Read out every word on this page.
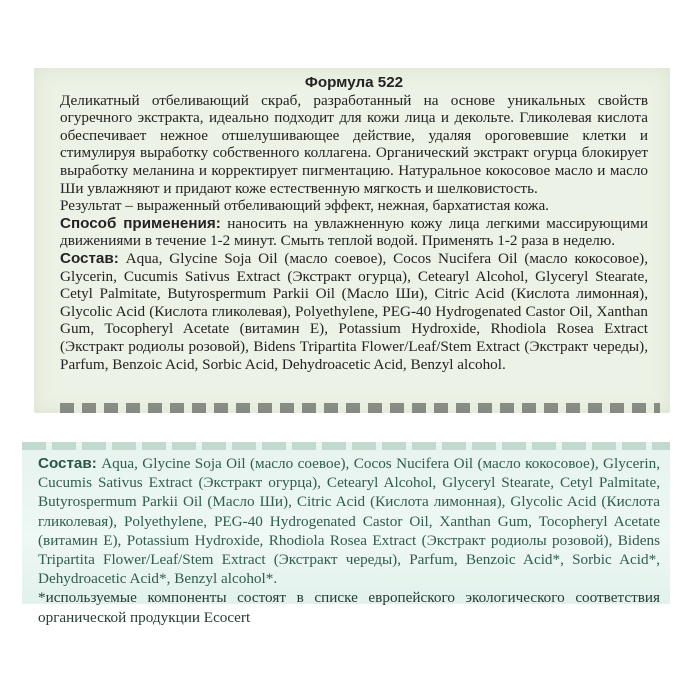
Формула 522

Деликатный отбеливающий скраб, разработанный на основе уникальных свойств огуречного экстракта, идеально подходит для кожи лица и декольте. Гликолевая кислота обеспечивает нежное отшелушивающее действие, удаляя ороговевшие клетки и стимулируя выработку собственного коллагена. Органический экстракт огурца блокирует выработку меланина и корректирует пигментацию. Натуральное кокосовое масло и масло Ши увлажняют и придают коже естественную мягкость и шелковистость.

Результат – выраженный отбеливающий эффект, нежная, бархатистая кожа.

Способ применения: наносить на увлажненную кожу лица легкими массирующими движениями в течение 1-2 минут. Смыть теплой водой. Применять 1-2 раза в неделю.

Состав: Aqua, Glycine Soja Oil (масло соевое), Cocos Nucifera Oil (масло кокосовое), Glycerin, Cucumis Sativus Extract (Экстракт огурца), Cetearyl Alcohol, Glyceryl Stearate, Cetyl Palmitate, Butyrospermum Parkii Oil (Масло Ши), Citric Acid (Кислота лимонная), Glycolic Acid (Кислота гликолевая), Polyethylene, PEG-40 Hydrogenated Castor Oil, Xanthan Gum, Tocopheryl Acetate (витамин E), Potassium Hydroxide, Rhodiola Rosea Extract (Экстракт родиолы розовой), Bidens Tripartita Flower/Leaf/Stem Extract (Экстракт череды), Parfum, Benzoic Acid, Sorbic Acid, Dehydroacetic Acid, Benzyl alcohol.

Состав: Aqua, Glycine Soja Oil (масло соевое), Cocos Nucifera Oil (масло кокосовое), Glycerin, Cucumis Sativus Extract (Экстракт огурца), Cetearyl Alcohol, Glyceryl Stearate, Cetyl Palmitate, Butyrospermum Parkii Oil (Масло Ши), Citric Acid (Кислота лимонная), Glycolic Acid (Кислота гликолевая), Polyethylene, PEG-40 Hydrogenated Castor Oil, Xanthan Gum, Tocopheryl Acetate (витамин E), Potassium Hydroxide, Rhodiola Rosea Extract (Экстракт родиолы розовой), Bidens Tripartita Flower/Leaf/Stem Extract (Экстракт череды), Parfum, Benzoic Acid*, Sorbic Acid*, Dehydroacetic Acid*, Benzyl alcohol*.

*используемые компоненты состоят в списке европейского экологического соответствия органической продукции Ecocert
